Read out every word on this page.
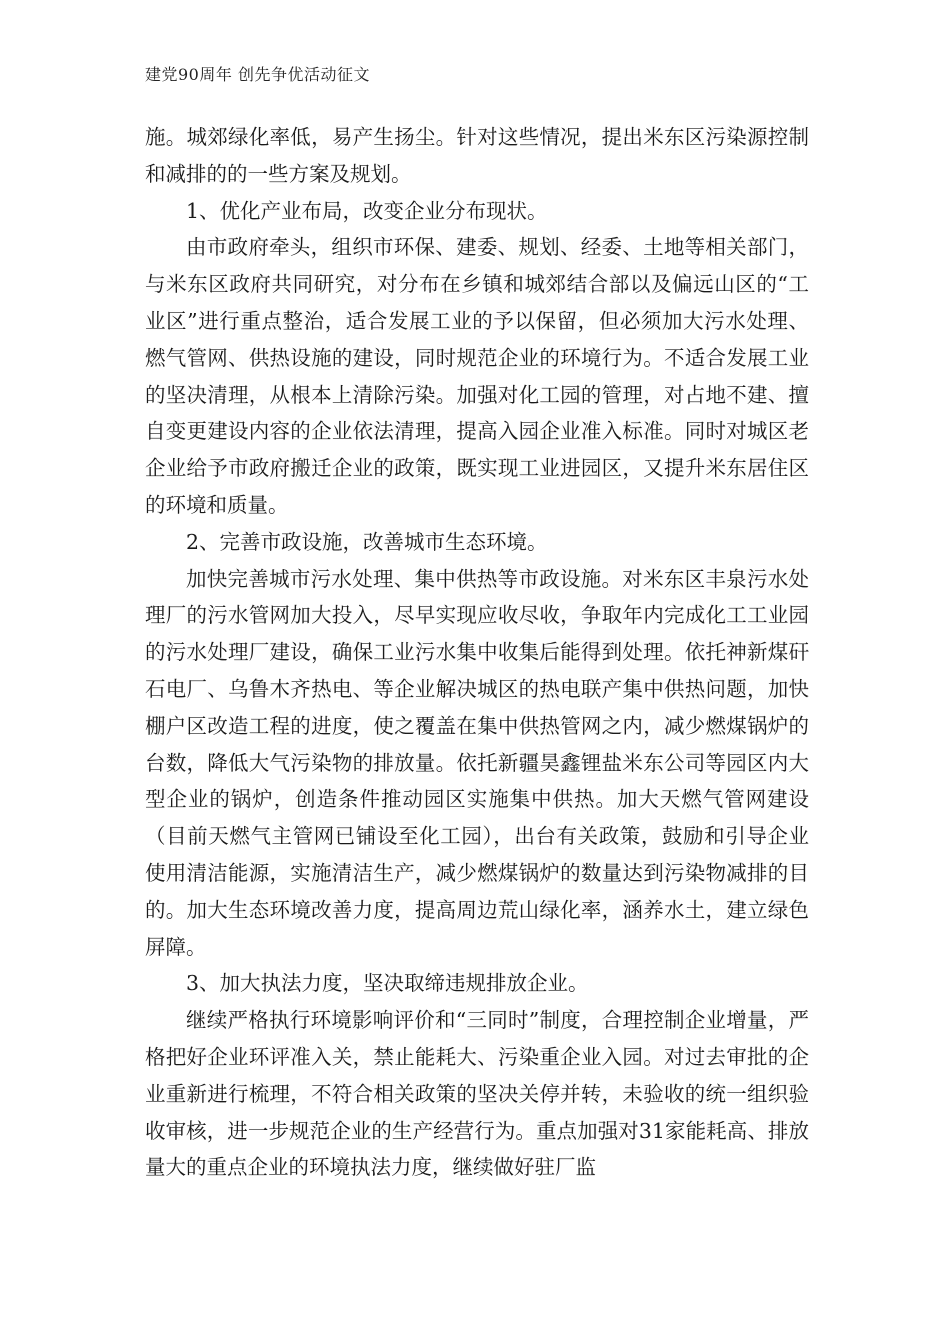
建党90周年 创先争优活动征文

施。城郊绿化率低，易产生扬尘。针对这些情况，提出米东区污染源控制和减排的的一些方案及规划。

1、优化产业布局，改变企业分布现状。

由市政府牵头，组织市环保、建委、规划、经委、土地等相关部门，与米东区政府共同研究，对分布在乡镇和城郊结合部以及偏远山区的“工业区”进行重点整治，适合发展工业的予以保留，但必须加大污水处理、燃气管网、供热设施的建设，同时规范企业的环境行为。不适合发展工业的坚决清理，从根本上清除污染。加强对化工园的管理，对占地不建、擅自变更建设内容的企业依法清理，提高入园企业准入标准。同时对城区老企业给予市政府搬迁企业的政策，既实现工业进园区，又提升米东居住区的环境和质量。

2、完善市政设施，改善城市生态环境。

加快完善城市污水处理、集中供热等市政设施。对米东区丰泉污水处理厂的污水管网加大投入，尽早实现应收尽收，争取年内完成化工工业园的污水处理厂建设，确保工业污水集中收集后能得到处理。依托神新煤矸石电厂、乌鲁木齐热电、等企业解决城区的热电联产集中供热问题，加快棚户区改造工程的进度，使之覆盖在集中供热管网之内，减少燃煤锅炉的台数，降低大气污染物的排放量。依托新疆昊鑫锂盐米东公司等园区内大型企业的锅炉，创造条件推动园区实施集中供热。加大天燃气管网建设（目前天燃气主管网已铺设至化工园），出台有关政策，鼓励和引导企业使用清洁能源，实施清洁生产，减少燃煤锅炉的数量达到污染物减排的目的。加大生态环境改善力度，提高周边荒山绿化率，涵养水土，建立绿色屏障。

3、加大执法力度，坚决取缔违规排放企业。

继续严格执行环境影响评价和“三同时”制度，合理控制企业增量，严格把好企业环评准入关，禁止能耗大、污染重企业入园。对过去审批的企业重新进行梳理，不符合相关政策的坚决关停并转，未验收的统一组织验收审核，进一步规范企业的生产经营行为。重点加强对31家能耗高、排放量大的重点企业的环境执法力度，继续做好驻厂监
